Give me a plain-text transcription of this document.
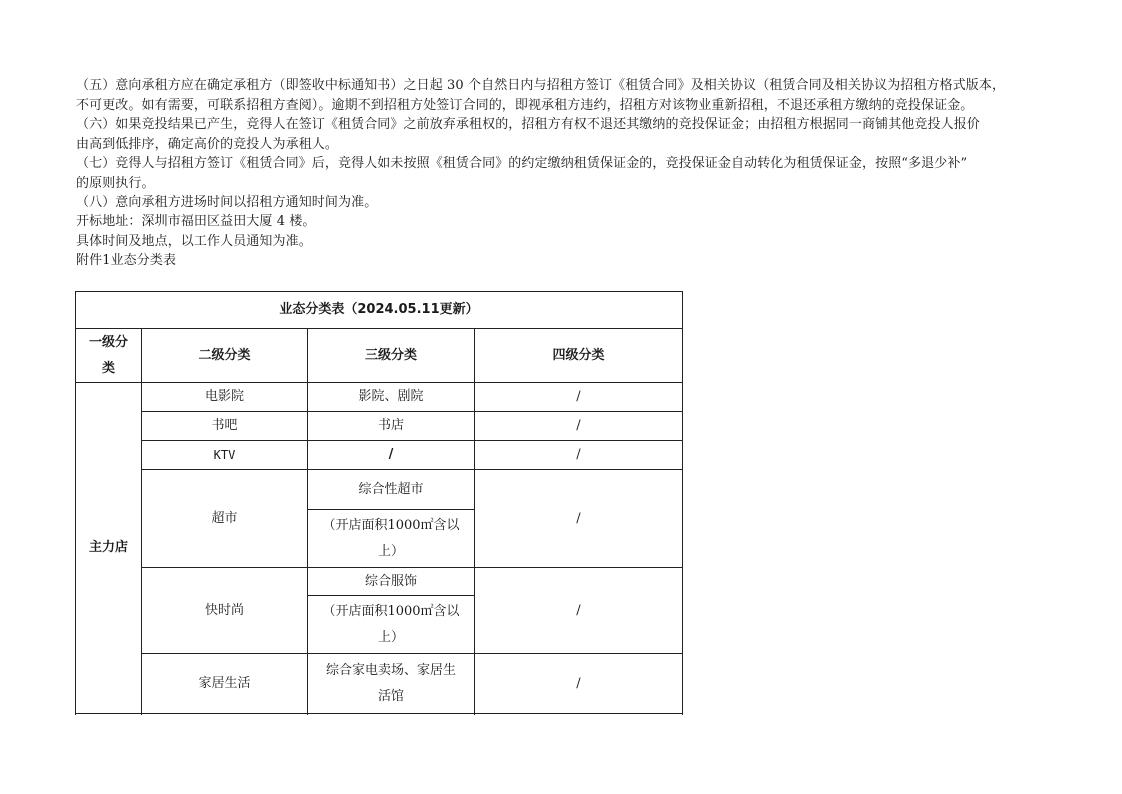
（五）意向承租方应在确定承租方（即签收中标通知书）之日起 30 个自然日内与招租方签订《租赁合同》及相关协议（租赁合同及相关协议为招租方格式版本，
不可更改。如有需要，可联系招租方查阅）。逾期不到招租方处签订合同的，即视承租方违约，招租方对该物业重新招租，不退还承租方缴纳的竞投保证金。
（六）如果竞投结果已产生，竞得人在签订《租赁合同》之前放弃承租权的，招租方有权不退还其缴纳的竞投保证金；由招租方根据同一商铺其他竞投人报价
由高到低排序，确定高价的竞投人为承租人。
（七）竞得人与招租方签订《租赁合同》后，竞得人如未按照《租赁合同》的约定缴纳租赁保证金的，竞投保证金自动转化为租赁保证金，按照“多退少补”
的原则执行。
（八）意向承租方进场时间以招租方通知时间为准。
开标地址：深圳市福田区益田大厦 4 楼。
具体时间及地点，以工作人员通知为准。
附件1业态分类表
业态分类表（2024.05.11更新）			
一级分
类	二级分类	三级分类	四级分类
主力店	电影院	影院、剧院	/
	书吧	书店	/
	KTV	/	/
	超市	综合性超市	/
		（开店面积1000㎡含以
上）	
	快时尚	综合服饰	/
		（开店面积1000㎡含以
上）	
	家居生活	综合家电卖场、家居生
活馆	/
